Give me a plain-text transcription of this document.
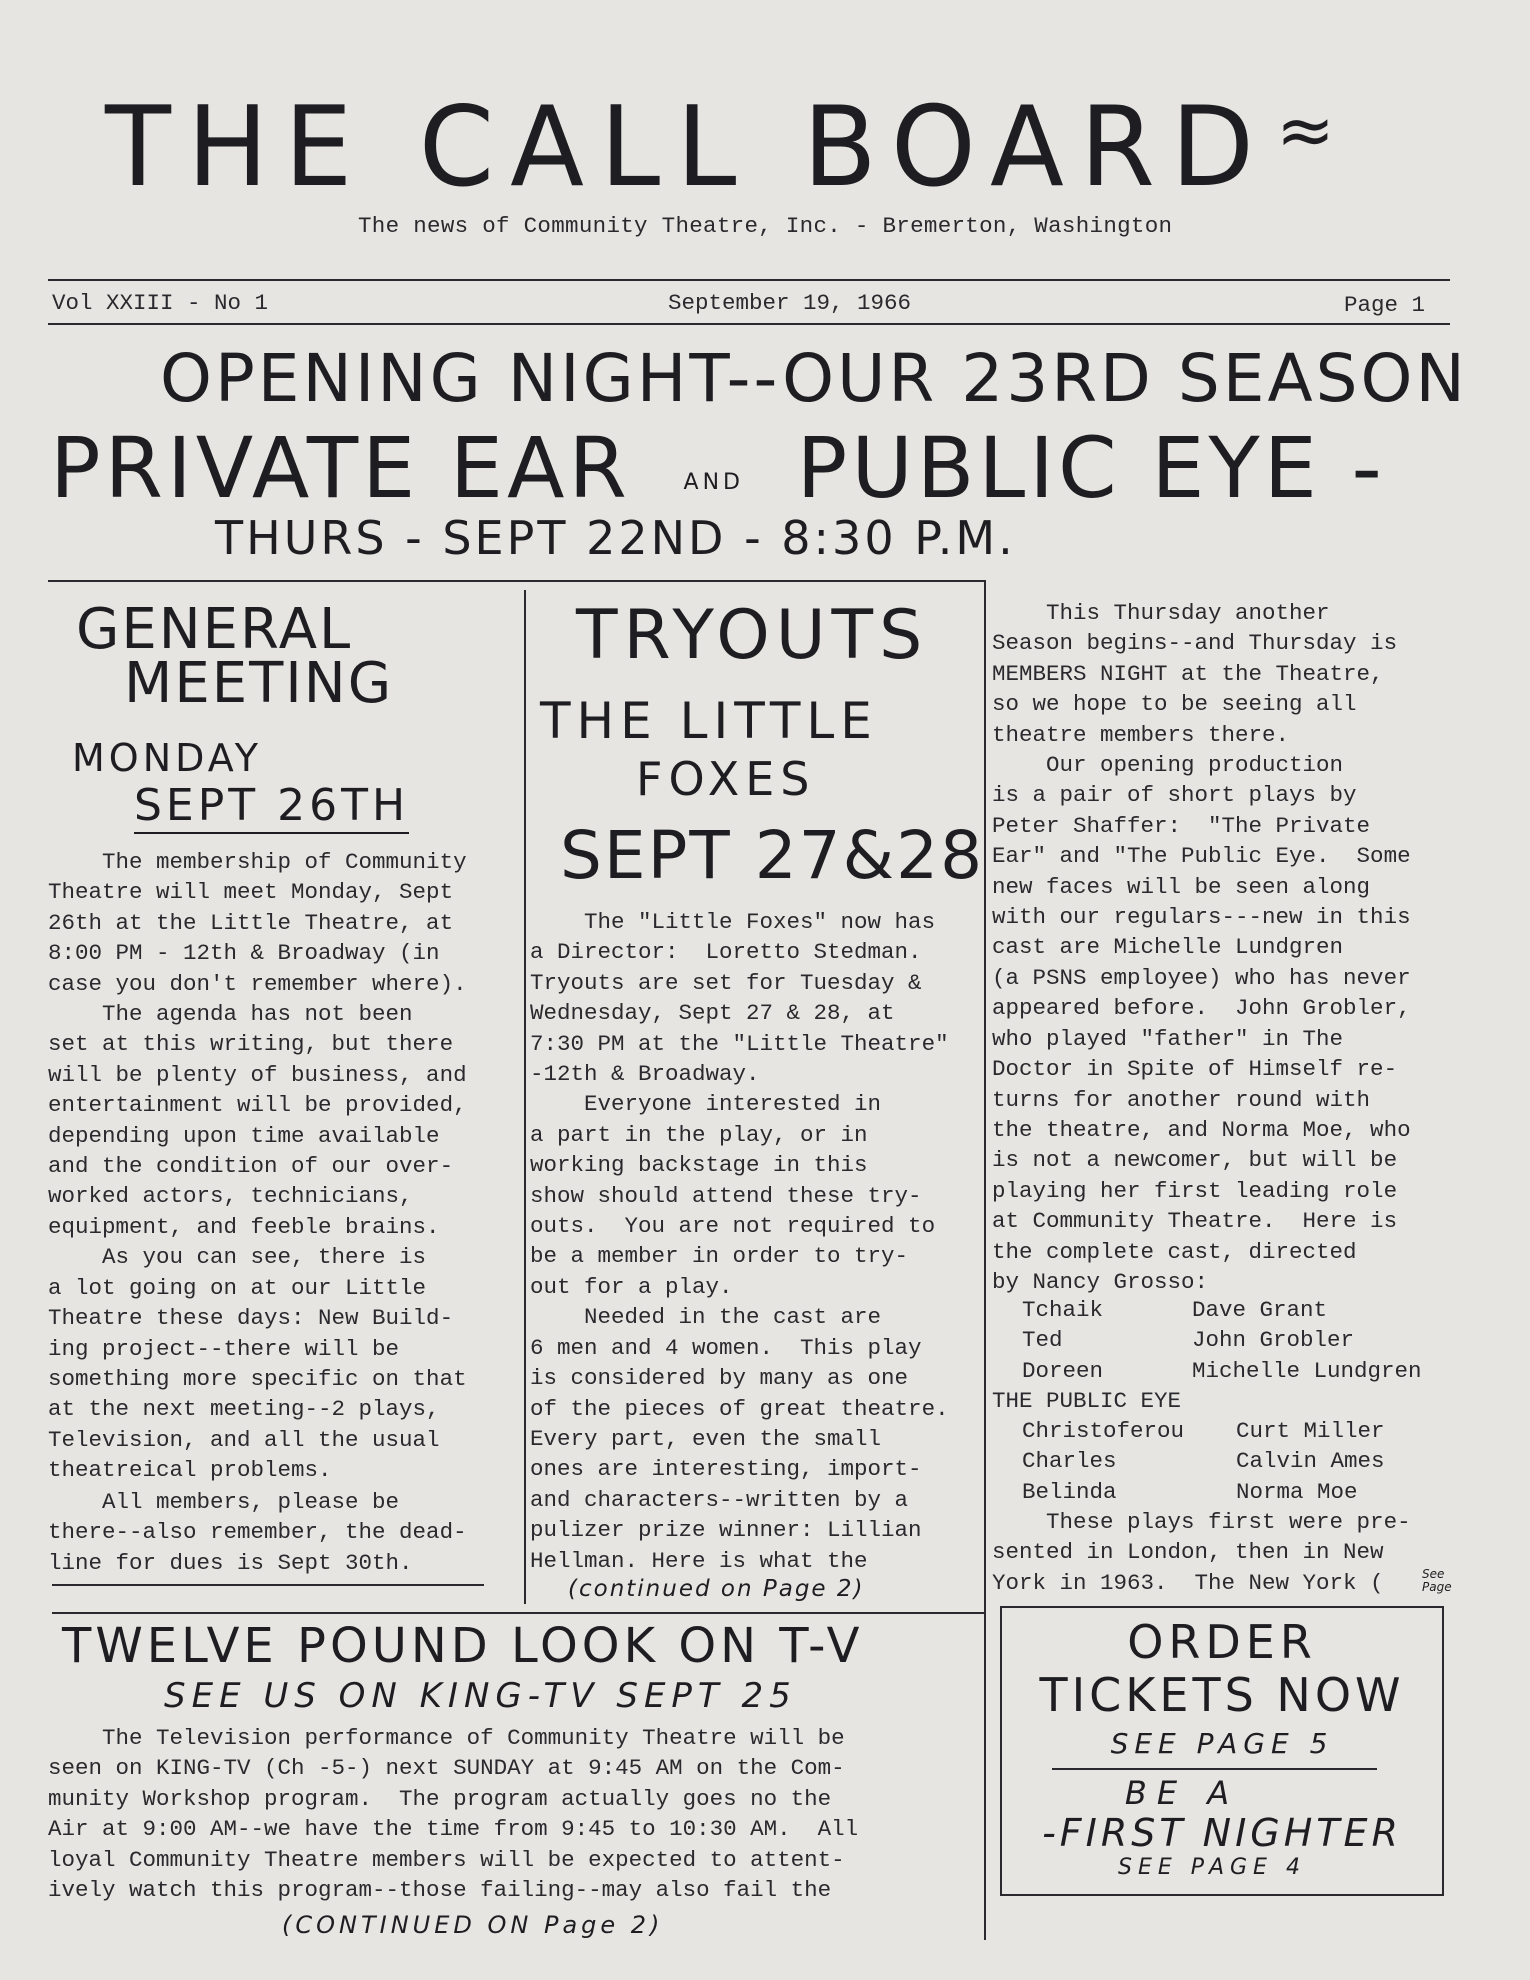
THE CALL BOARD≈
The news of Community Theatre, Inc. - Bremerton, Washington
Vol XXIII - No 1	September 19, 1966	Page 1
OPENING NIGHT--OUR 23RD SEASON
PRIVATE EAR AND PUBLIC EYE -
THURS - SEPT 22ND - 8:30 P.M.
GENERAL
MEETING
MONDAY
SEPT 26TH
The membership of Community
Theatre will meet Monday, Sept
26th at the Little Theatre, at
8:00 PM - 12th & Broadway (in
case you don't remember where).
The agenda has not been
set at this writing, but there
will be plenty of business, and
entertainment will be provided,
depending upon time available
and the condition of our over-
worked actors, technicians,
equipment, and feeble brains.
As you can see, there is
a lot going on at our Little
Theatre these days: New Build-
ing project--there will be
something more specific on that
at the next meeting--2 plays,
Television, and all the usual
theatreical problems.
All members, please be
there--also remember, the dead-
line for dues is Sept 30th.
TRYOUTS
THE LITTLE
FOXES
SEPT 27&28
The "Little Foxes" now has
a Director:  Loretto Stedman.
Tryouts are set for Tuesday &
Wednesday, Sept 27 & 28, at
7:30 PM at the "Little Theatre"
-12th & Broadway.
Everyone interested in
a part in the play, or in
working backstage in this
show should attend these try-
outs.  You are not required to
be a member in order to try-
out for a play.
Needed in the cast are
6 men and 4 women.  This play
is considered by many as one
of the pieces of great theatre.
Every part, even the small
ones are interesting, import-
and characters--written by a
pulizer prize winner: Lillian
Hellman. Here is what the
(continued on Page 2)
This Thursday another
Season begins--and Thursday is
MEMBERS NIGHT at the Theatre,
so we hope to be seeing all
theatre members there.
Our opening production
is a pair of short plays by
Peter Shaffer:  "The Private
Ear" and "The Public Eye.  Some
new faces will be seen along
with our regulars---new in this
cast are Michelle Lundgren
(a PSNS employee) who has never
appeared before.  John Grobler,
who played "father" in The
Doctor in Spite of Himself re-
turns for another round with
the theatre, and Norma Moe, who
is not a newcomer, but will be
playing her first leading role
at Community Theatre.  Here is
the complete cast, directed
by Nancy Grosso:
Tchaik	Dave Grant
Ted	John Grobler
Doreen	Michelle Lundgren
THE PUBLIC EYE
Christoferou Curt Miller
Charles	Calvin Ames
Belinda	Norma Moe
These plays first were pre-
sented in London, then in New
York in 1963.  The New York (	See Page
TWELVE POUND LOOK ON T-V
SEE US ON KING-TV SEPT 25
The Television performance of Community Theatre will be
seen on KING-TV (Ch -5-) next SUNDAY at 9:45 AM on the Com-
munity Workshop program.  The program actually goes no the
Air at 9:00 AM--we have the time from 9:45 to 10:30 AM.  All
loyal Community Theatre members will be expected to attent-
ively watch this program--those failing--may also fail the
(CONTINUED ON Page 2)
ORDER
TICKETS NOW
SEE PAGE 5
BE A
-FIRST NIGHTER
SEE PAGE 4
